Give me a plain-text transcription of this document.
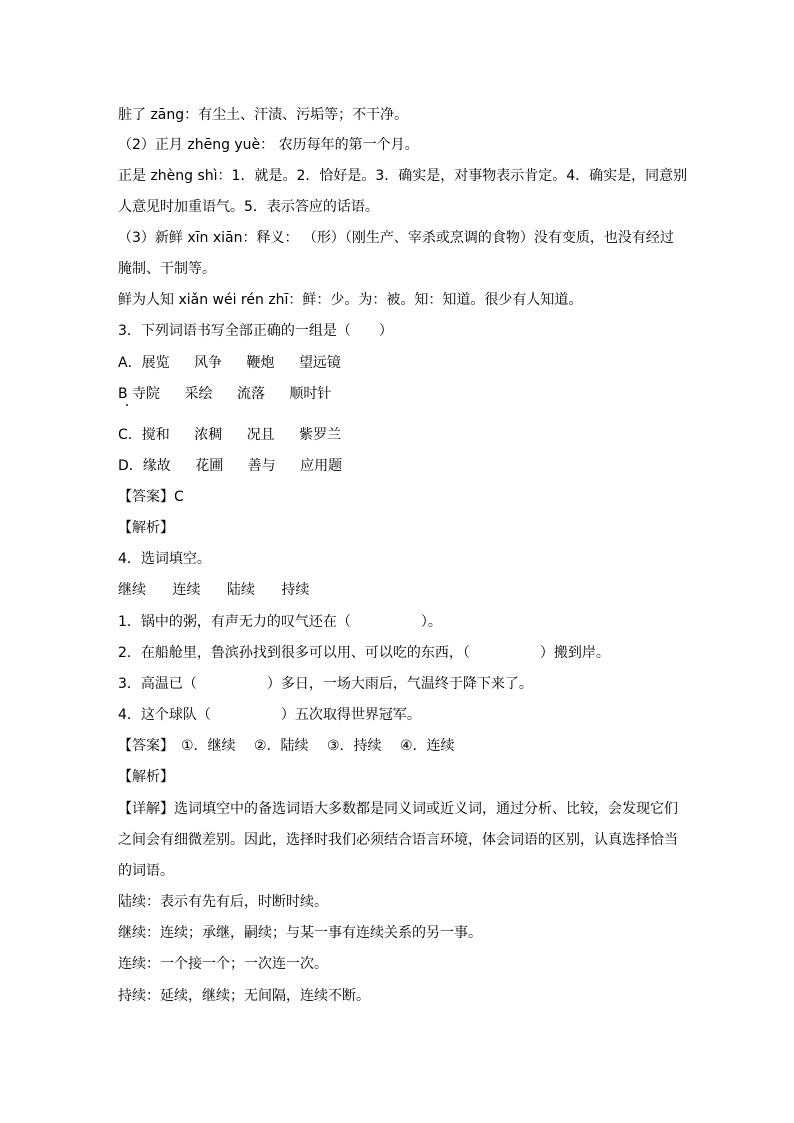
脏了 zāng：有尘土、汗渍、污垢等；不干净。
（2）正月 zhēng yuè： 农历每年的第一个月。
正是 zhèng shì：1．就是。2．恰好是。3．确实是，对事物表示肯定。4．确实是，同意别
人意见时加重语气。5．表示答应的话语。
（3）新鲜 xīn xiān：释义： （形）（刚生产、宰杀或烹调的食物）没有变质，也没有经过
腌制、干制等。
鲜为人知 xiǎn wéi rén zhī：鲜：少。为：被。知：知道。很少有人知道。
3．下列词语书写全部正确的一组是（　　）
A．展览 风争 鞭炮 望远镜
B 寺院 采绘 流落 顺时针
C．搅和 浓稠 况且 紫罗兰
D．缘故 花圃 善与 应用题
【答案】C
【解析】
4．选词填空。
继续 连续 陆续 持续
1．锅中的粥，有声无力的叹气还在（　　　　　）。
2．在船舱里，鲁滨孙找到很多可以用、可以吃的东西，（　　　　　）搬到岸。
3．高温已（　　　　　）多日，一场大雨后，气温终于降下来了。
4．这个球队（　　　　　）五次取得世界冠军。
【答案】　①．继续　 ②．陆续　 ③．持续　 ④．连续
【解析】
【详解】选词填空中的备选词语大多数都是同义词或近义词，通过分析、比较，会发现它们
之间会有细微差别。因此，选择时我们必须结合语言环境，体会词语的区别，认真选择恰当
的词语。
陆续：表示有先有后，时断时续。
继续：连续；承继，嗣续；与某一事有连续关系的另一事。
连续：一个接一个；一次连一次。
持续：延续，继续；无间隔，连续不断。
